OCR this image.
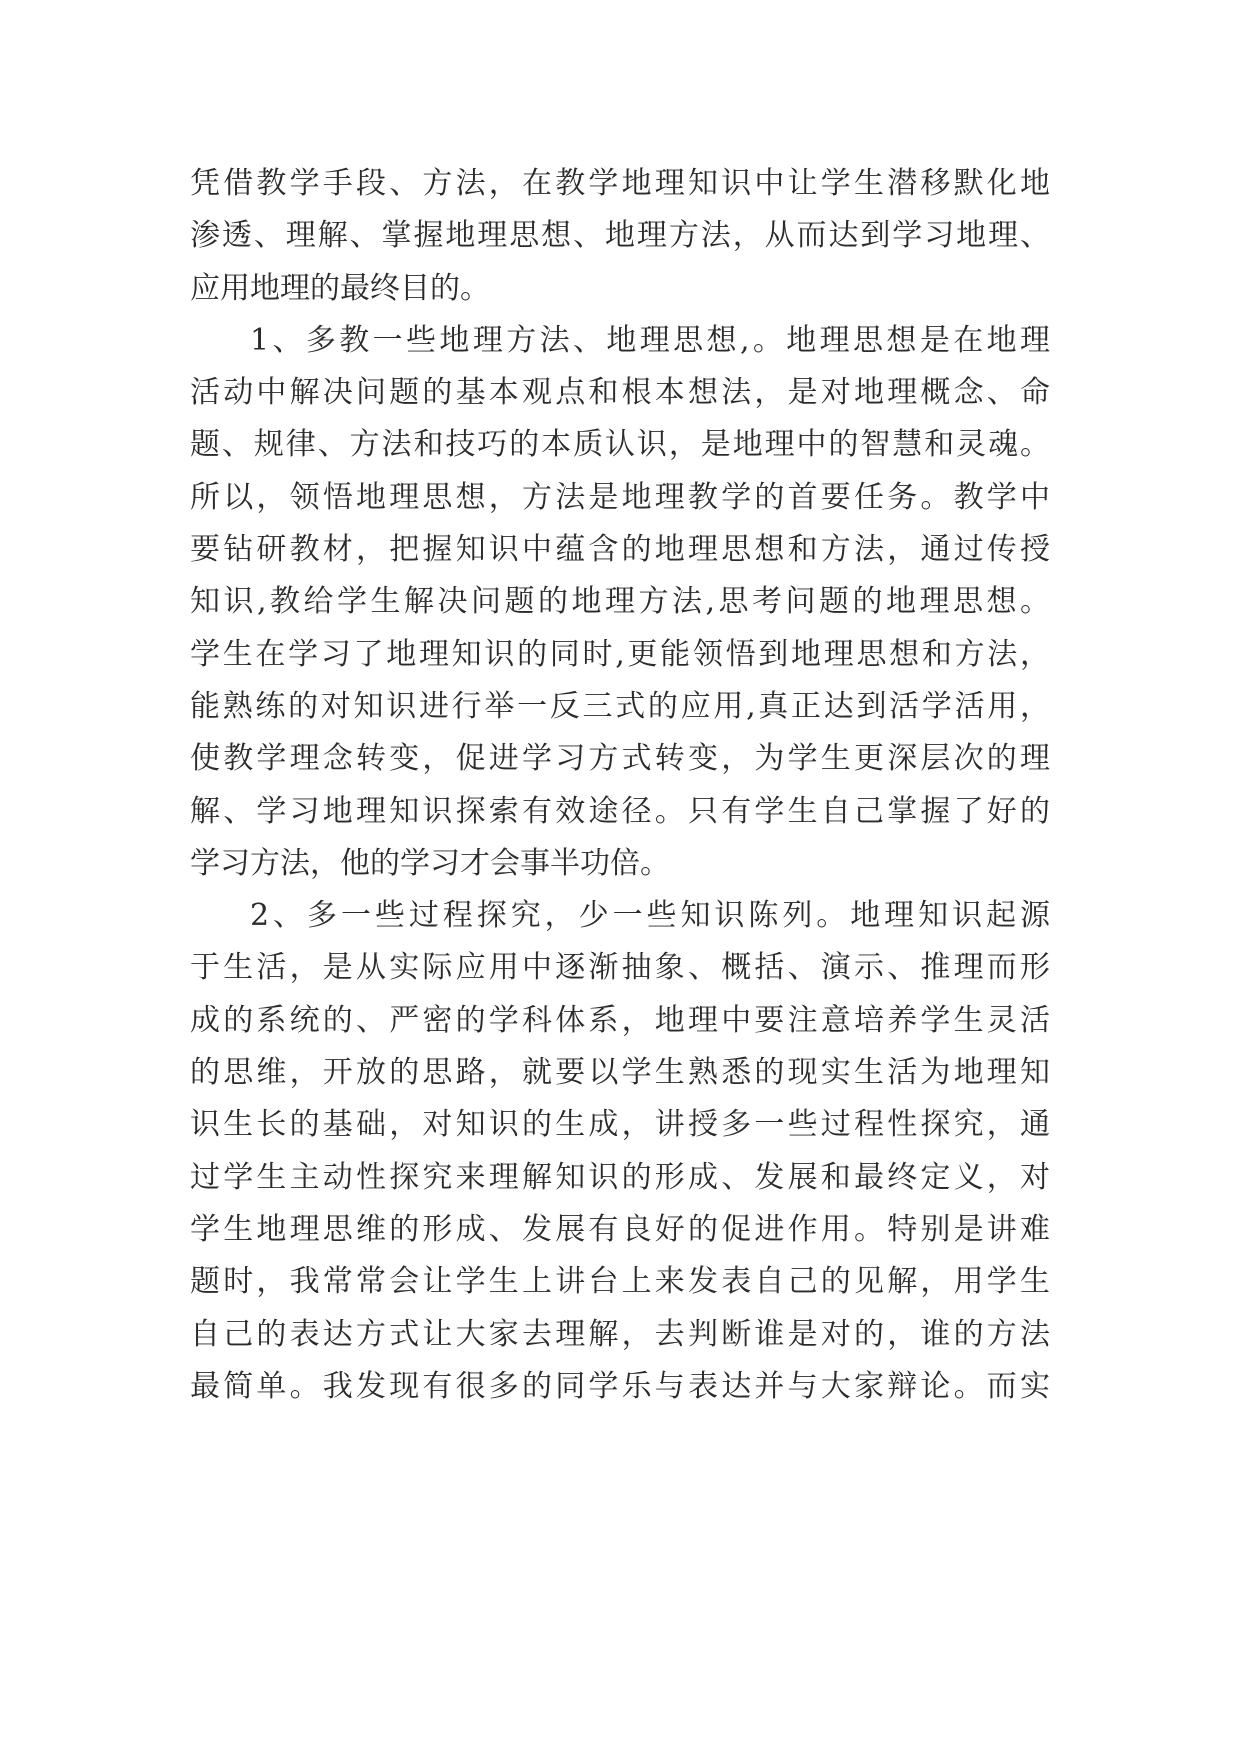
凭借教学手段、方法，在教学地理知识中让学生潜移默化地
渗透、理解、掌握地理思想、地理方法，从而达到学习地理、
应用地理的最终目的。
1、多教一些地理方法、地理思想,。地理思想是在地理
活动中解决问题的基本观点和根本想法，是对地理概念、命
题、规律、方法和技巧的本质认识，是地理中的智慧和灵魂。
所以，领悟地理思想，方法是地理教学的首要任务。教学中
要钻研教材，把握知识中蕴含的地理思想和方法，通过传授
知识,教给学生解决问题的地理方法,思考问题的地理思想。
学生在学习了地理知识的同时,更能领悟到地理思想和方法，
能熟练的对知识进行举一反三式的应用,真正达到活学活用，
使教学理念转变，促进学习方式转变，为学生更深层次的理
解、学习地理知识探索有效途径。只有学生自己掌握了好的
学习方法，他的学习才会事半功倍。
2、多一些过程探究，少一些知识陈列。地理知识起源
于生活，是从实际应用中逐渐抽象、概括、演示、推理而形
成的系统的、严密的学科体系，地理中要注意培养学生灵活
的思维，开放的思路，就要以学生熟悉的现实生活为地理知
识生长的基础，对知识的生成，讲授多一些过程性探究，通
过学生主动性探究来理解知识的形成、发展和最终定义，对
学生地理思维的形成、发展有良好的促进作用。特别是讲难
题时，我常常会让学生上讲台上来发表自己的见解，用学生
自己的表达方式让大家去理解，去判断谁是对的，谁的方法
最简单。我发现有很多的同学乐与表达并与大家辩论。而实
